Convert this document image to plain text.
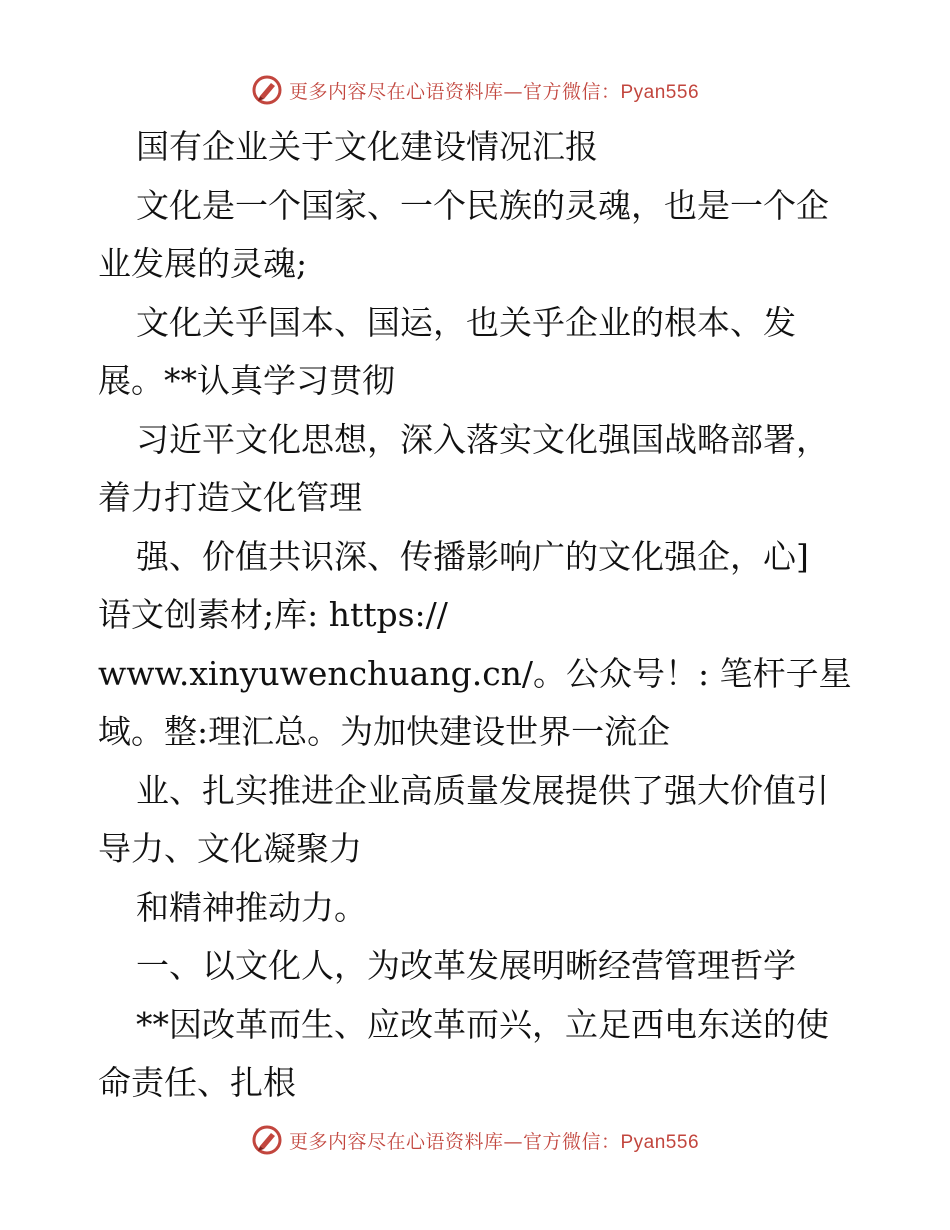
更多内容尽在心语资料库—官方微信：Pyan556
国有企业关于文化建设情况汇报
文化是一个国家、一个民族的灵魂，也是一个企
业发展的灵魂;
文化关乎国本、国运，也关乎企业的根本、发
展。**认真学习贯彻
习近平文化思想，深入落实文化强国战略部署，
着力打造文化管理
强、价值共识深、传播影响广的文化强企，心]
语文创素材;库: https://
www.xinyuwenchuang.cn/。公众号！: 笔杆子星
域。整:理汇总。为加快建设世界一流企
业、扎实推进企业高质量发展提供了强大价值引
导力、文化凝聚力
和精神推动力。
一、以文化人，为改革发展明晰经营管理哲学
**因改革而生、应改革而兴，立足西电东送的使
命责任、扎根
更多内容尽在心语资料库—官方微信：Pyan556
